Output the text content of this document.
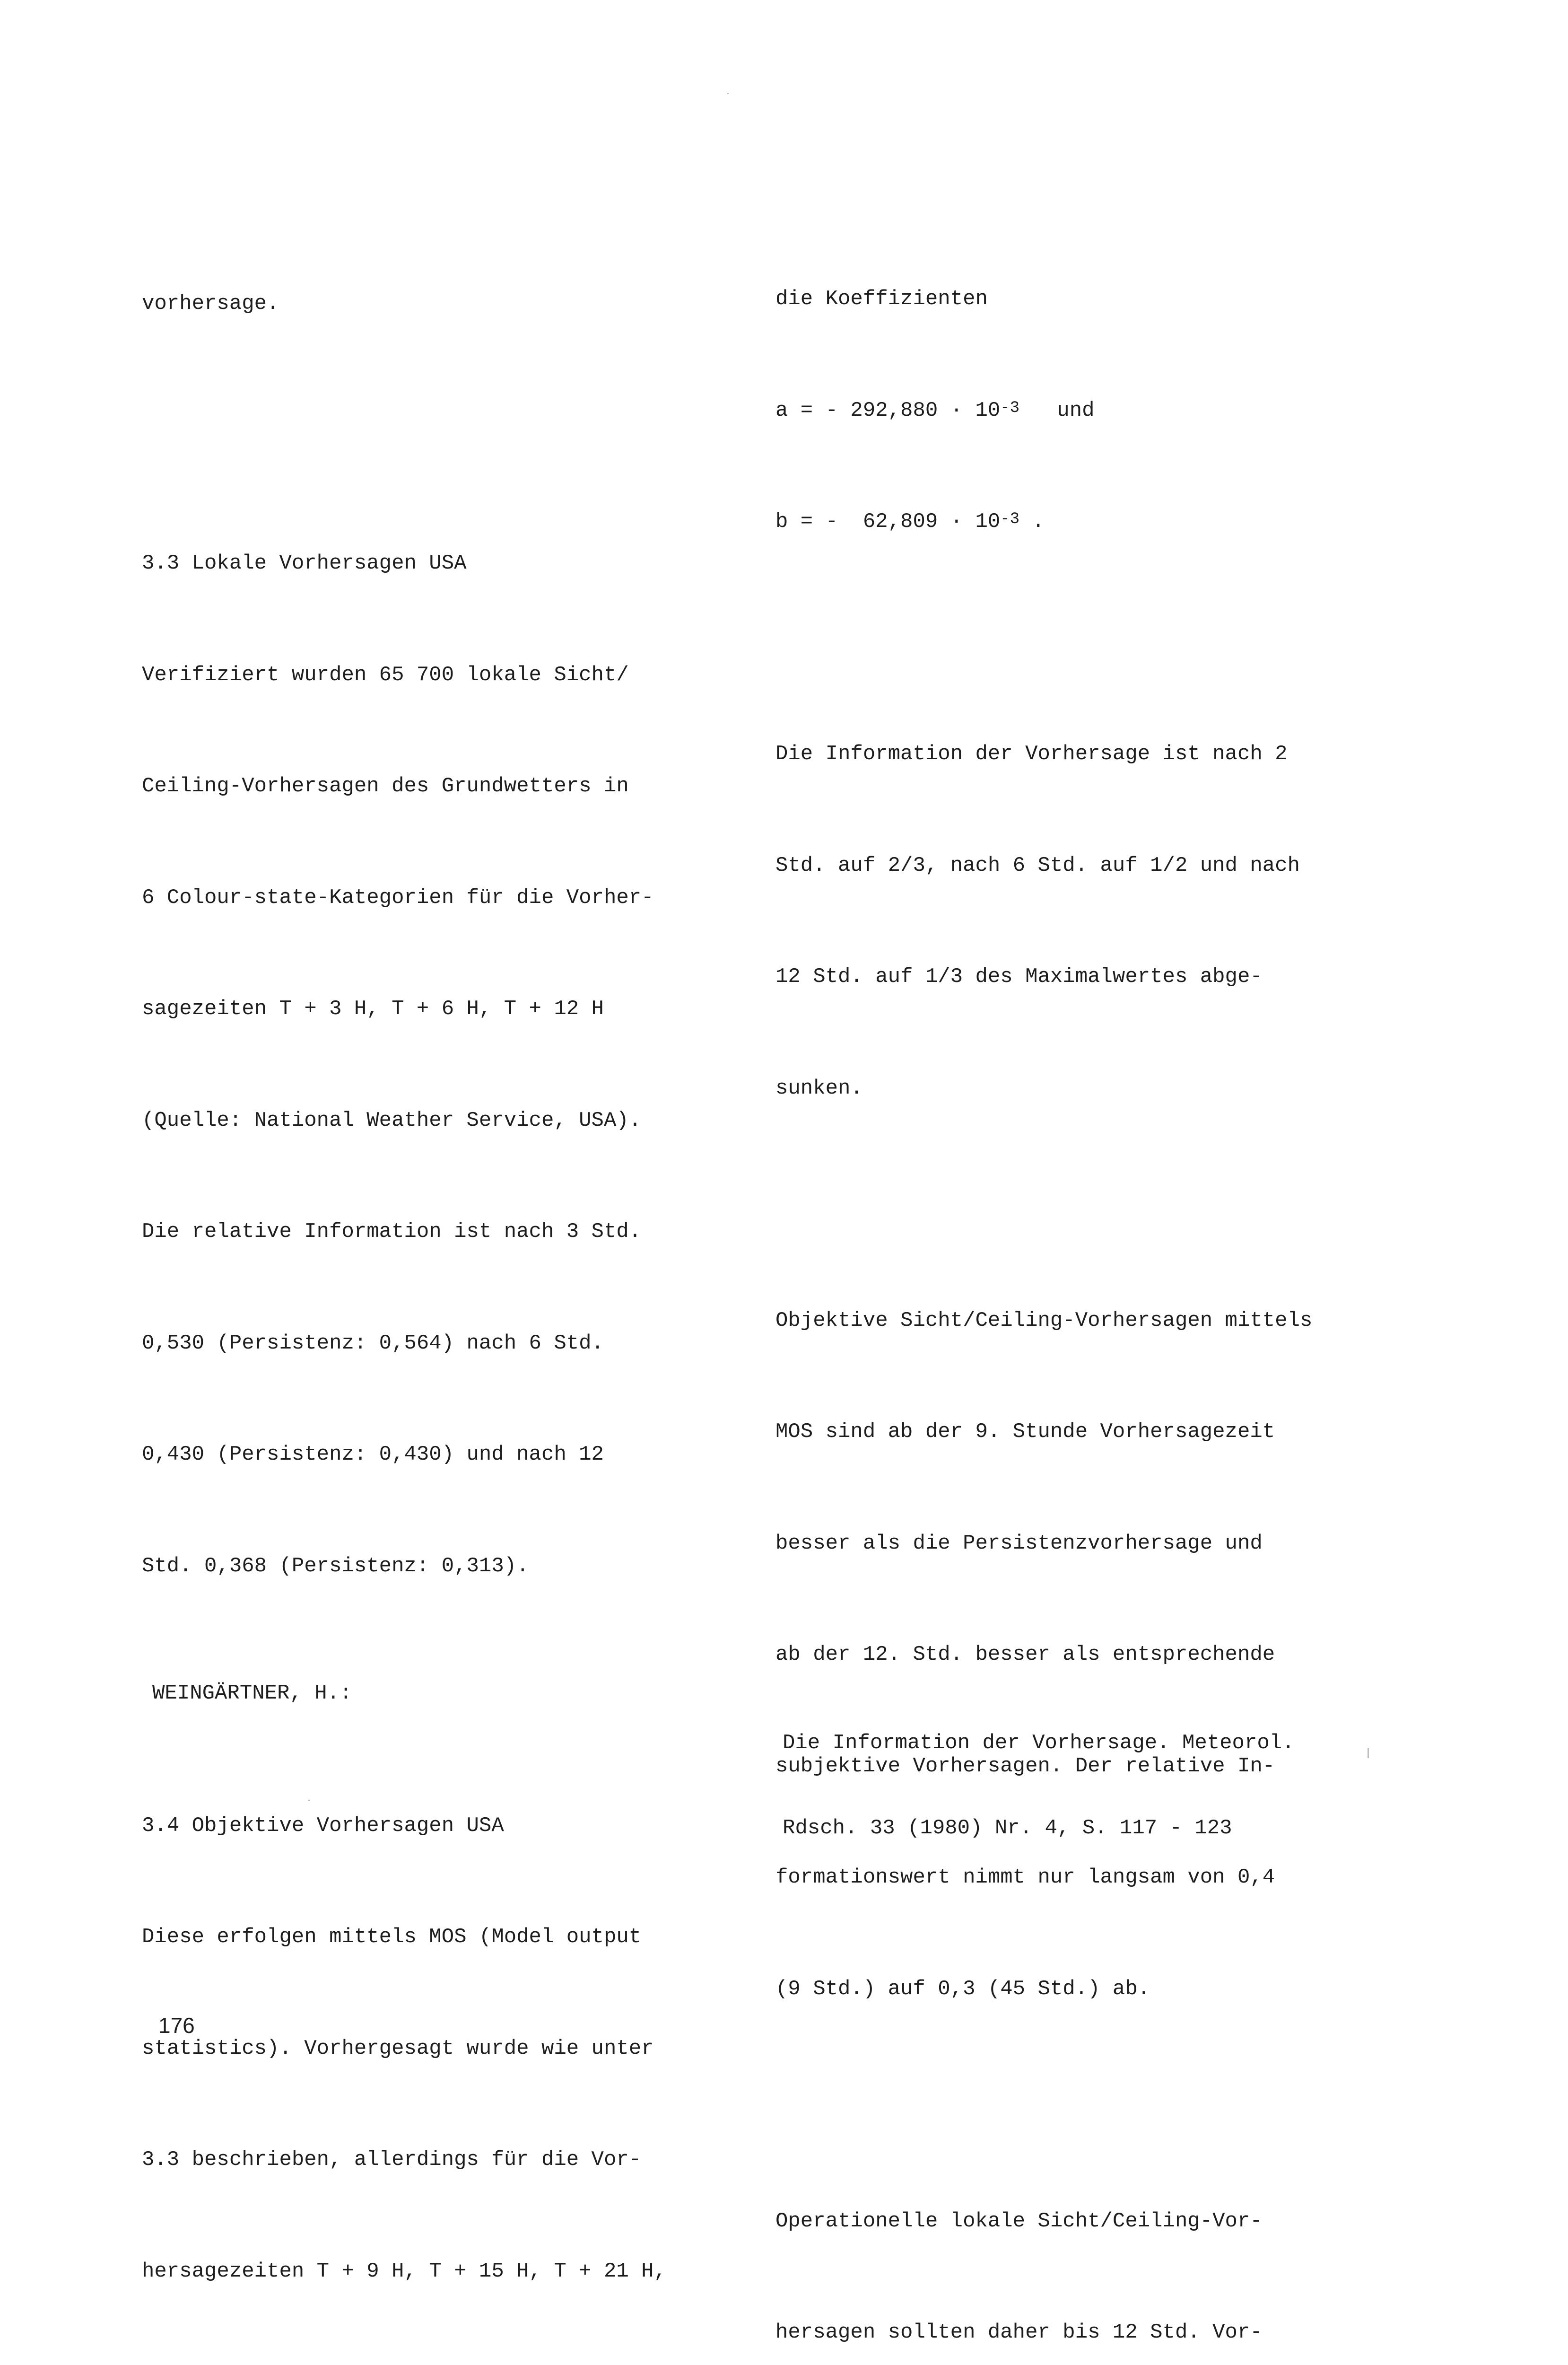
vorhersage.

3.3 Lokale Vorhersagen USA

Verifiziert wurden 65 700 lokale Sicht/

Ceiling-Vorhersagen des Grundwetters in

6 Colour-state-Kategorien für die Vorher-

sagezeiten T + 3 H, T + 6 H, T + 12 H

(Quelle: National Weather Service, USA).

Die relative Information ist nach 3 Std.

0,530 (Persistenz: 0,564) nach 6 Std.

0,430 (Persistenz: 0,430) und nach 12

Std. 0,368 (Persistenz: 0,313).

3.4 Objektive Vorhersagen USA

Diese erfolgen mittels MOS (Model output

statistics). Vorhergesagt wurde wie unter

3.3 beschrieben, allerdings für die Vor-

hersagezeiten T + 9 H, T + 15 H, T + 21 H,

die Koeffizienten

a = - $292,880 \cdot 10^{-3}$   und

b = -  $62,809 \cdot 10^{-3}$ .

Die Information der Vorhersage ist nach 2

Std. auf 2/3, nach 6 Std. auf 1/2 und nach

12 Std. auf 1/3 des Maximalwertes abge-

sunken.

Objektive Sicht/Ceiling-Vorhersagen mittels

MOS sind ab der 9. Stunde Vorhersagezeit

besser als die Persistenzvorhersage und

ab der 12. Std. besser als entsprechende

subjektive Vorhersagen. Der relative In-

formationswert nimmt nur langsam von 0,4

(9 Std.) auf 0,3 (45 Std.) ab.

Operationelle lokale Sicht/Ceiling-Vor-

hersagen sollten daher bis 12 Std. Vor-

WEINGÄRTNER, H.:

Die Information der Vorhersage. Meteorol.

Rdsch. 33 (1980) Nr. 4, S. 117 - 123

176
